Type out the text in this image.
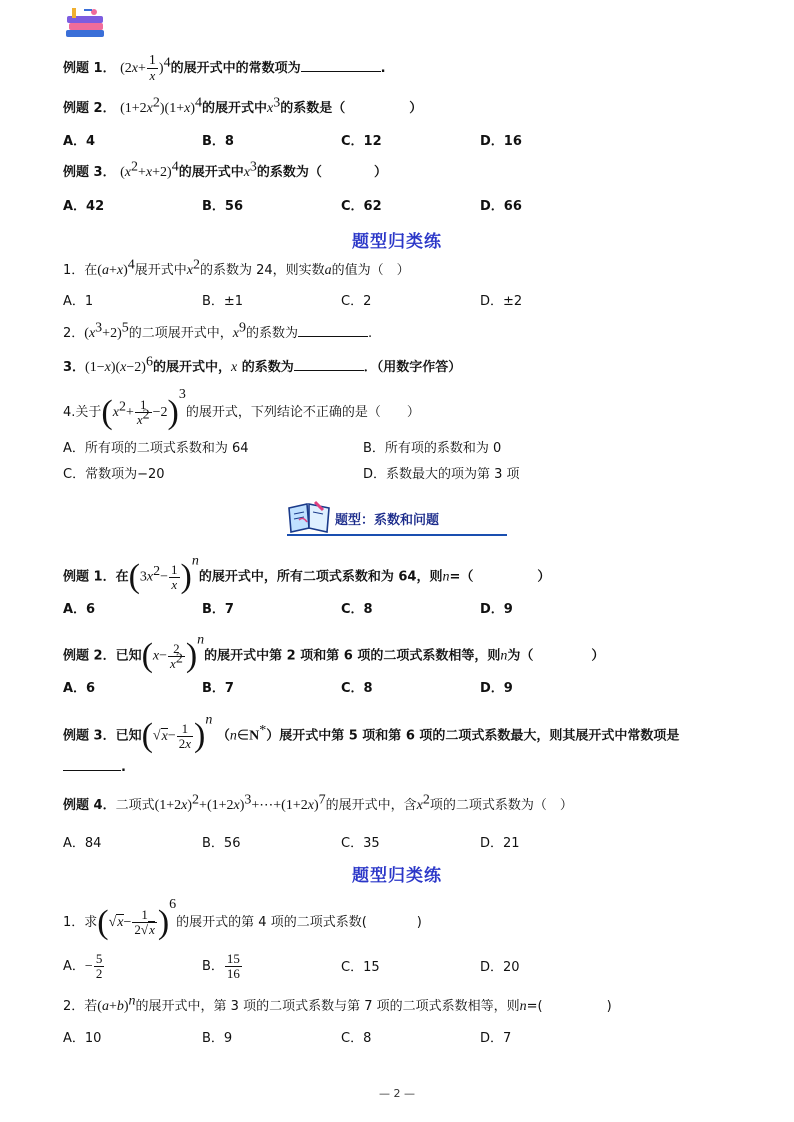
例题 1． $(2x+ \frac{1}{x} )^4$的展开式中的常数项为	.
例题 2． $(1+2x^2)(1+x)^4$的展开式中$x^3$的系数是（	）
A．4	B．8	C．12	D．16
例题 3． $(x^2+x+2)^4$的展开式中$x^3$的系数为（	）
A．42	B．56	C．62	D．66
题型归类练
1．在$(a+x)^4$展开式中$x^2$的系数为 24，则实数a的值为（　）
A．1	B．±1	C．2	D．±2
2．$(x^3+2)^5$的二项展开式中，$x^9$的系数为	.
3．$(1-x)(x-2)^6$的展开式中，x 的系数为	．（用数字作答）
4.关于$(x^2+ \frac{1}{x^2} -2)^3$的展开式，下列结论不正确的是（　　）
A．所有项的二项式系数和为 64	B．所有项的系数和为 0
C．常数项为−20	D．系数最大的项为第 3 项
题型：系数和问题
例题 1．在$(3x^2- \frac{1}{x} )^n$的展开式中，所有二项式系数和为 64，则n=（	）
A．6	B．7	C．8	D．9
例题 2．已知$(x- \frac{2}{x^2} )^n$的展开式中第 2 项和第 6 项的二项式系数相等，则n为（	）
A．6	B．7	C．8	D．9
例题 3．已知$(√x- \frac{1}{2x} )^n$ （n∈N*）展开式中第 5 项和第 6 项的二项式系数最大，则其展开式中常数项是
.
例题 4．二项式$(1+2x)^2+(1+2x)^3+\cdots+(1+2x)^7$的展开式中，含$x^2$项的二项式系数为（　）
A．84	B．56	C．35	D．21
题型归类练
1．求$(√x- \frac{1}{2√x} )^6$的展开式的第 4 项的二项式系数(	)
A．− $\frac{5}{2}$	B． $\frac{15}{16}$	C．15	D．20
2．若$(a+b)^n$的展开式中，第 3 项的二项式系数与第 7 项的二项式系数相等，则n=(	)
A．10	B．9	C．8	D．7
— 2 —
